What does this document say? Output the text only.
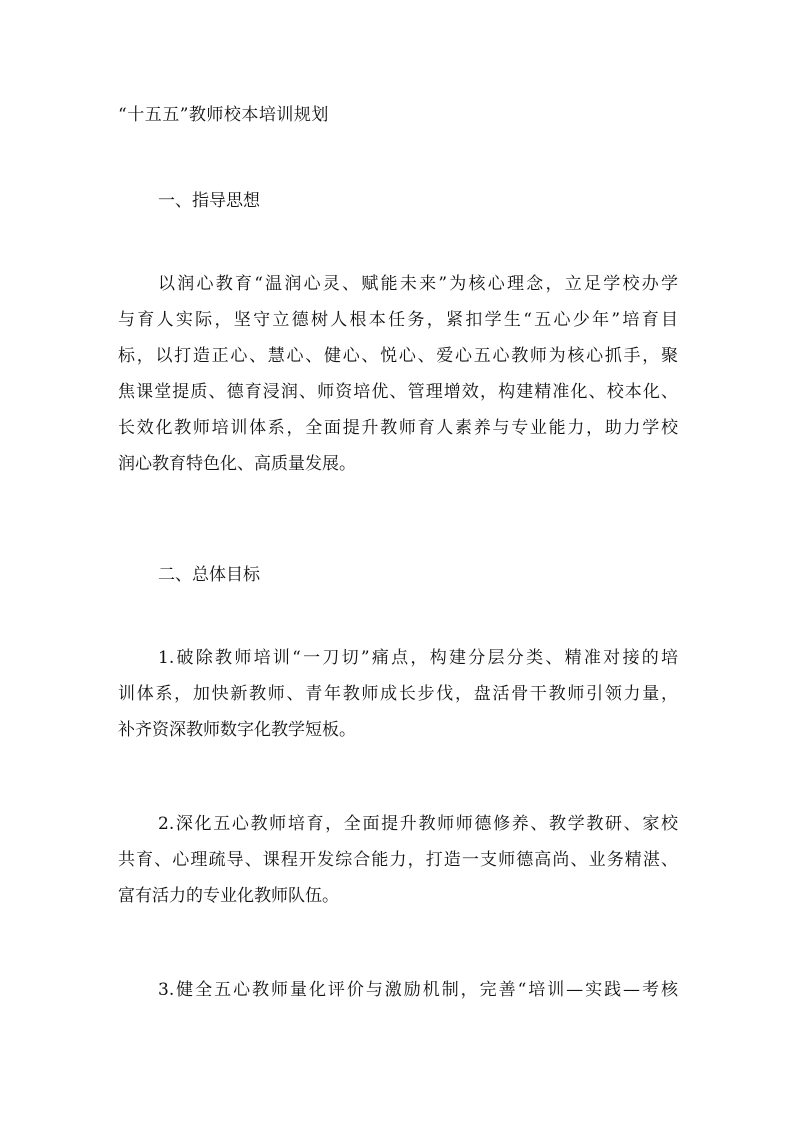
“十五五”教师校本培训规划
一、指导思想
以润心教育“温润心灵、赋能未来”为核心理念，立足学校办学
与育人实际，坚守立德树人根本任务，紧扣学生“五心少年”培育目
标，以打造正心、慧心、健心、悦心、爱心五心教师为核心抓手，聚
焦课堂提质、德育浸润、师资培优、管理增效，构建精准化、校本化、
长效化教师培训体系，全面提升教师育人素养与专业能力，助力学校
润心教育特色化、高质量发展。
二、总体目标
1.破除教师培训“一刀切”痛点，构建分层分类、精准对接的培
训体系，加快新教师、青年教师成长步伐，盘活骨干教师引领力量，
补齐资深教师数字化教学短板。
2.深化五心教师培育，全面提升教师师德修养、教学教研、家校
共育、心理疏导、课程开发综合能力，打造一支师德高尚、业务精湛、
富有活力的专业化教师队伍。
3.健全五心教师量化评价与激励机制，完善“培训—实践—考核
